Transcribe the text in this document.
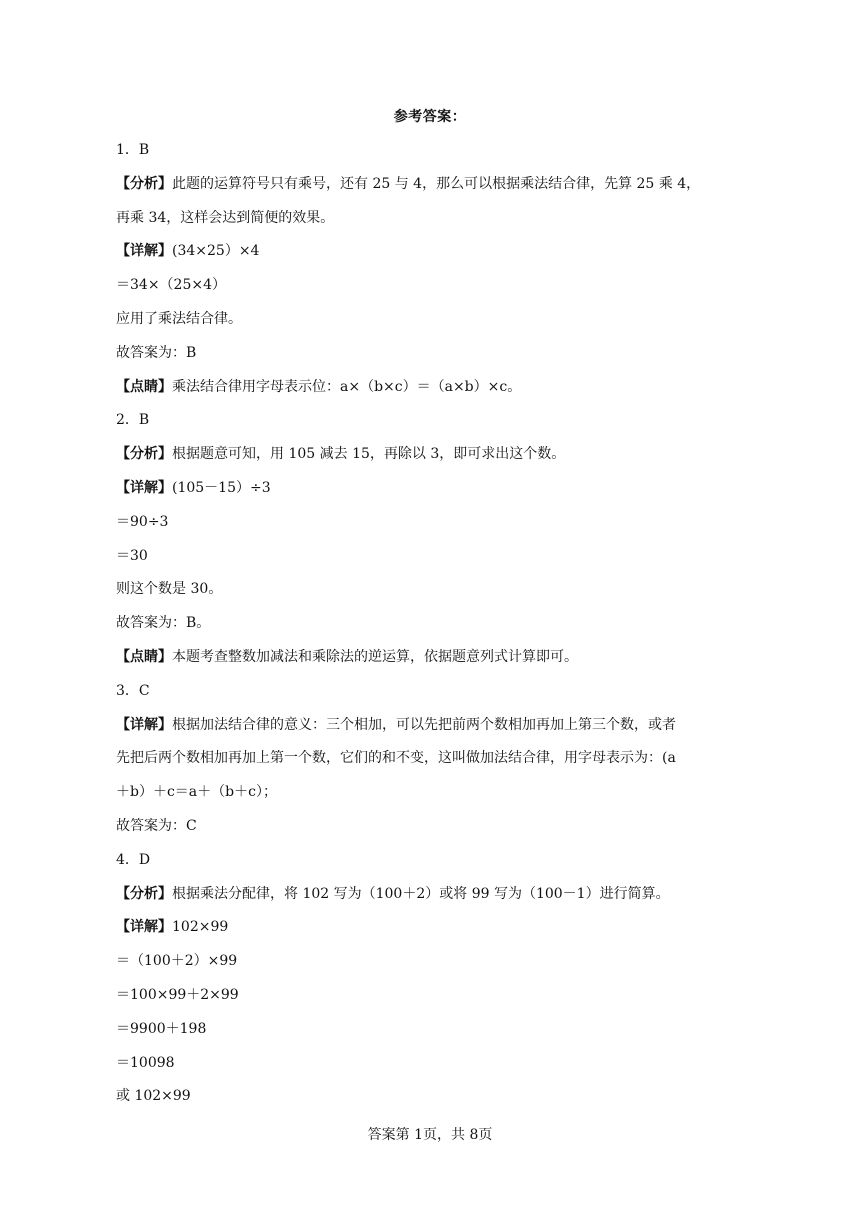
参考答案：
1．B
【分析】此题的运算符号只有乘号，还有 25 与 4，那么可以根据乘法结合律，先算 25 乘 4，
再乘 34，这样会达到简便的效果。
【详解】(34×25）×4
＝34×（25×4）
应用了乘法结合律。
故答案为：B
【点睛】乘法结合律用字母表示位：a×（b×c）＝（a×b）×c。
2．B
【分析】根据题意可知，用 105 减去 15，再除以 3，即可求出这个数。
【详解】(105－15）÷3
＝90÷3
＝30
则这个数是 30。
故答案为：B。
【点睛】本题考查整数加减法和乘除法的逆运算，依据题意列式计算即可。
3．C
【详解】根据加法结合律的意义：三个相加，可以先把前两个数相加再加上第三个数，或者
先把后两个数相加再加上第一个数，它们的和不变，这叫做加法结合律，用字母表示为：(a
＋b）＋c＝a＋（b＋c）；
故答案为：C
4．D
【分析】根据乘法分配律，将 102 写为（100＋2）或将 99 写为（100－1）进行简算。
【详解】102×99
＝（100＋2）×99
＝100×99＋2×99
＝9900＋198
＝10098
或 102×99
答案第 1页，共 8页
